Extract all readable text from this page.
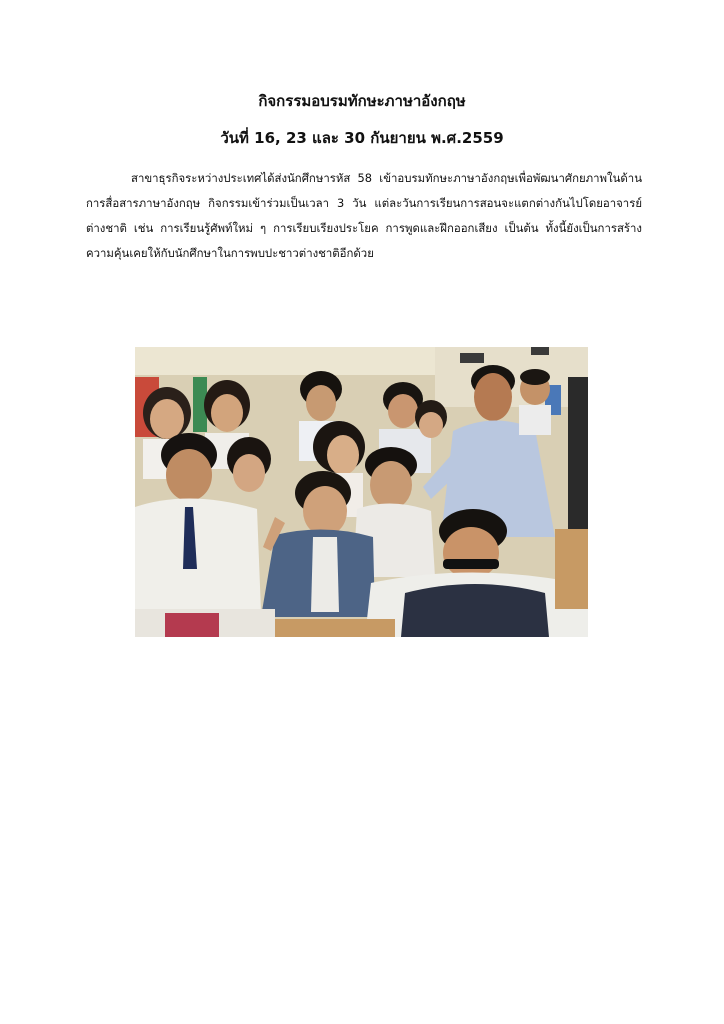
กิจกรรมอบรมทักษะภาษาอังกฤษ
วันที่ 16, 23 และ 30 กันยายน พ.ศ.2559

สาขาธุรกิจระหว่างประเทศได้ส่งนักศึกษารหัส 58 เข้าอบรมทักษะภาษาอังกฤษเพื่อพัฒนาศักยภาพในด้านการสื่อสารภาษาอังกฤษ กิจกรรมเข้าร่วมเป็นเวลา 3 วัน แต่ละวันการเรียนการสอนจะแตกต่างกันไปโดยอาจารย์ต่างชาติ เช่น การเรียนรู้ศัพท์ใหม่ ๆ การเรียบเรียงประโยค การพูดและฝึกออกเสียง เป็นต้น ทั้งนี้ยังเป็นการสร้างความคุ้นเคยให้กับนักศึกษาในการพบปะชาวต่างชาติอีกด้วย
